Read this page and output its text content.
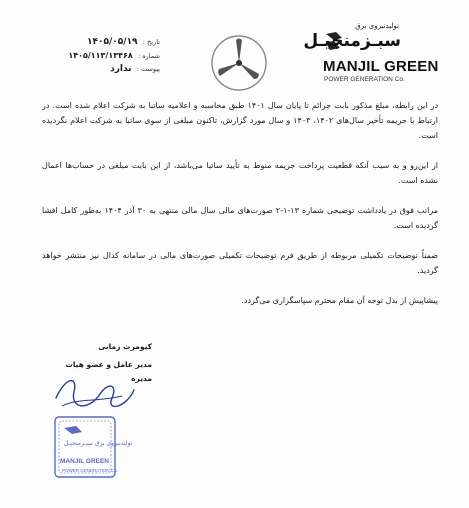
تاریخ : ۱۴۰۵/۰۵/۱۹
شماره : ۱۴۰۵/۱۱۳/۱۳۴۶۸
پیوست : ندارد
تولیدنیروی برق
سبـزمنجیـل
MANJIL GREEN
POWER GENERATION Co.

در این رابطه، مبلغ مذکور بابت جرائم تا پایان سال ۱۴۰۱ طبق محاسبه و اعلامیه ساتبا به شرکت اعلام شده است. در ارتباط با جریمه تأخیر سال‌های ۱۴۰۲، ۱۴۰۳ و سال مورد گزارش، تاکنون مبلغی از سوی ساتبا به شرکت اعلام نگردیده است.

از این‌رو و به سبب آنکه قطعیت پرداخت جریمه منوط به تأیید ساتبا می‌باشد، از این بابت مبلغی در حساب‌ها اعمال نشده است.

مراتب فوق در یادداشت توضیحی شماره ۱۳-۱-۲ صورت‌های مالی سال مالی منتهی به ۳۰ آذر ۱۴۰۴ به‌طور کامل افشا گردیده است.

ضمناً توضیحات تکمیلی مربوطه از طریق فرم توضیحات تکمیلی صورت‌های مالی در سامانه کدال نیز منتشر خواهد گردید.

پیشاپیش از بذل توجه آن مقام محترم سپاسگزاری می‌گردد.

کیومرث زمانی
مدیر عامل و عضو هیات مدیره
تولیدنیروی برق سبـزمنجیـل
MANJIL GREEN
POWER GENERATION Co.
